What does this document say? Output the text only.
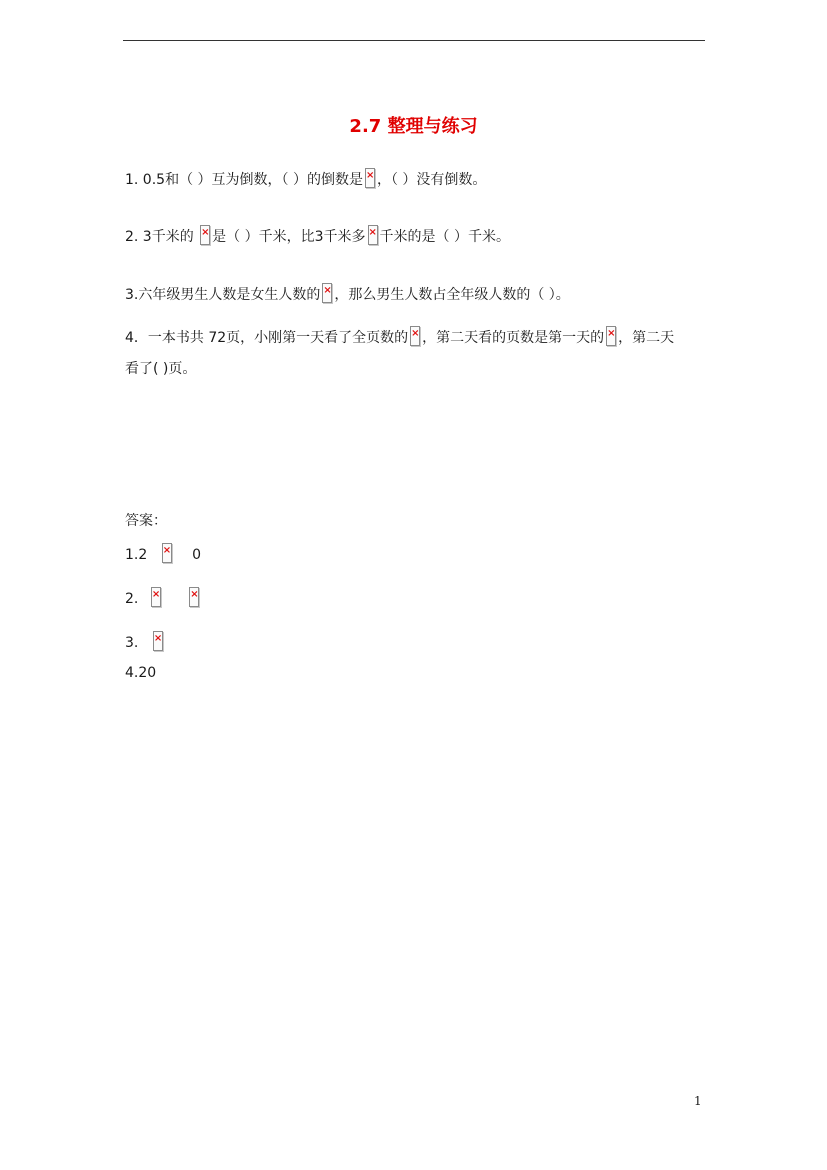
2.7 整理与练习
1. 0.5和（ ）互为倒数，（ ）的倒数是 × ，（ ）没有倒数。
2. 3千米的 ×是（ ）千米，比3千米多 × 千米的是（ ）千米。
3.六年级男生人数是女生人数的 × ，那么男生人数占全年级人数的（ ）。
4．一本书共 72页，小刚第一天看了全页数的 × ，第二天看的页数是第一天的 × ，第二天
看了( )页。
答案：
1.2 ×	0
2. × ×
3. ×
4.20
1
